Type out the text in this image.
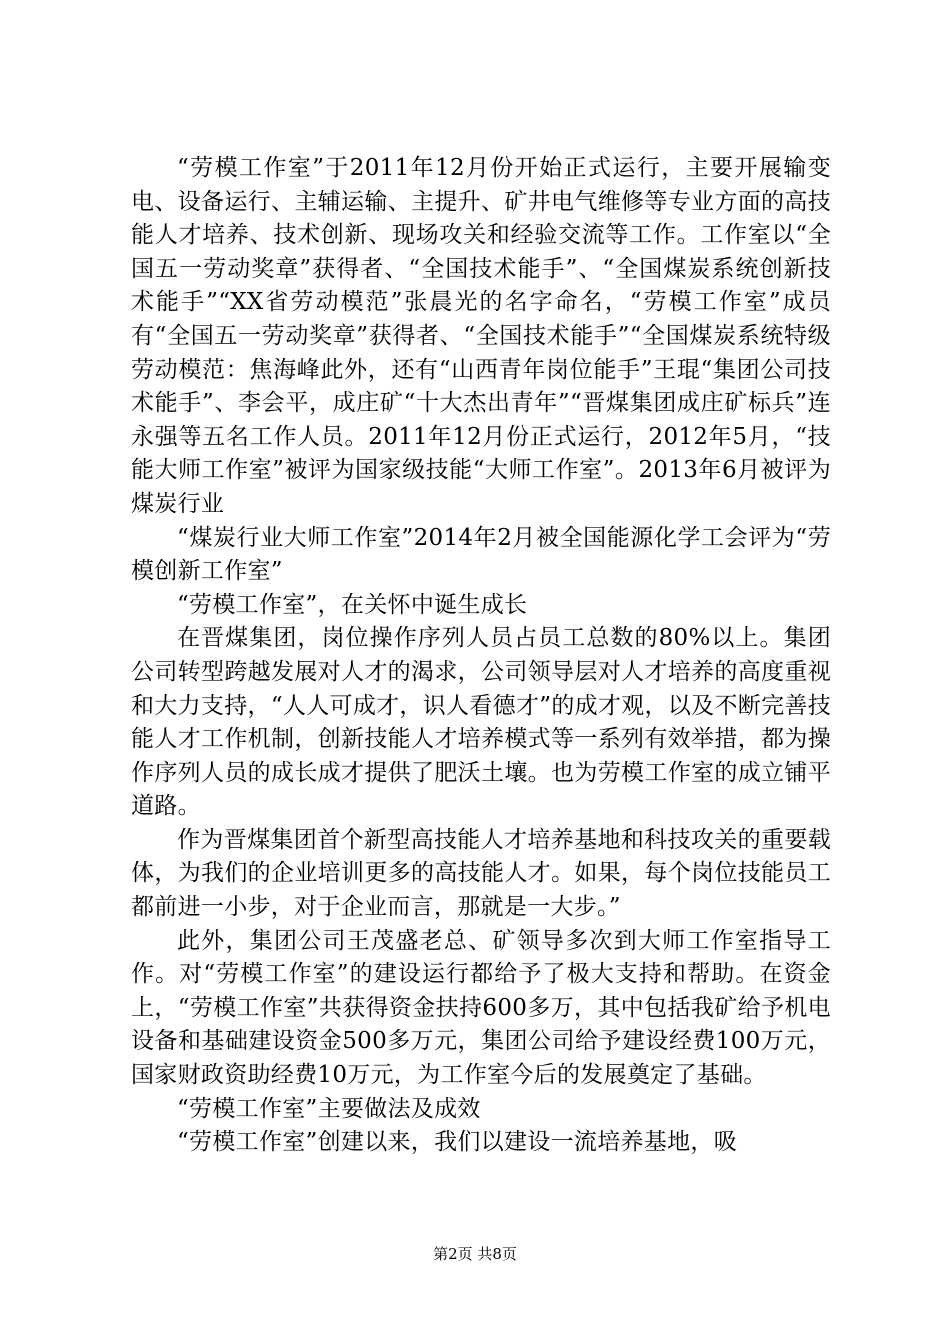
“劳模工作室”于2011年12月份开始正式运行，主要开展输变电、设备运行、主辅运输、主提升、矿井电气维修等专业方面的高技能人才培养、技术创新、现场攻关和经验交流等工作。工作室以“全国五一劳动奖章”获得者、“全国技术能手”、“全国煤炭系统创新技术能手”“XX省劳动模范”张晨光的名字命名，“劳模工作室”成员有“全国五一劳动奖章”获得者、“全国技术能手”“全国煤炭系统特级劳动模范：焦海峰此外，还有“山西青年岗位能手”王琨“集团公司技术能手”、李会平，成庄矿“十大杰出青年”“晋煤集团成庄矿标兵”连永强等五名工作人员。2011年12月份正式运行，2012年5月，“技能大师工作室”被评为国家级技能“大师工作室”。2013年6月被评为煤炭行业

“煤炭行业大师工作室”2014年2月被全国能源化学工会评为“劳模创新工作室”

“劳模工作室”，在关怀中诞生成长

在晋煤集团，岗位操作序列人员占员工总数的80%以上。集团公司转型跨越发展对人才的渴求，公司领导层对人才培养的高度重视和大力支持，“人人可成才，识人看德才”的成才观，以及不断完善技能人才工作机制，创新技能人才培养模式等一系列有效举措，都为操作序列人员的成长成才提供了肥沃土壤。也为劳模工作室的成立铺平道路。

作为晋煤集团首个新型高技能人才培养基地和科技攻关的重要载体，为我们的企业培训更多的高技能人才。如果，每个岗位技能员工都前进一小步，对于企业而言，那就是一大步。”

此外，集团公司王茂盛老总、矿领导多次到大师工作室指导工作。对“劳模工作室”的建设运行都给予了极大支持和帮助。在资金上，“劳模工作室”共获得资金扶持600多万，其中包括我矿给予机电设备和基础建设资金500多万元，集团公司给予建设经费100万元，国家财政资助经费10万元，为工作室今后的发展奠定了基础。

“劳模工作室”主要做法及成效

“劳模工作室”创建以来，我们以建设一流培养基地，吸

第2页 共8页
